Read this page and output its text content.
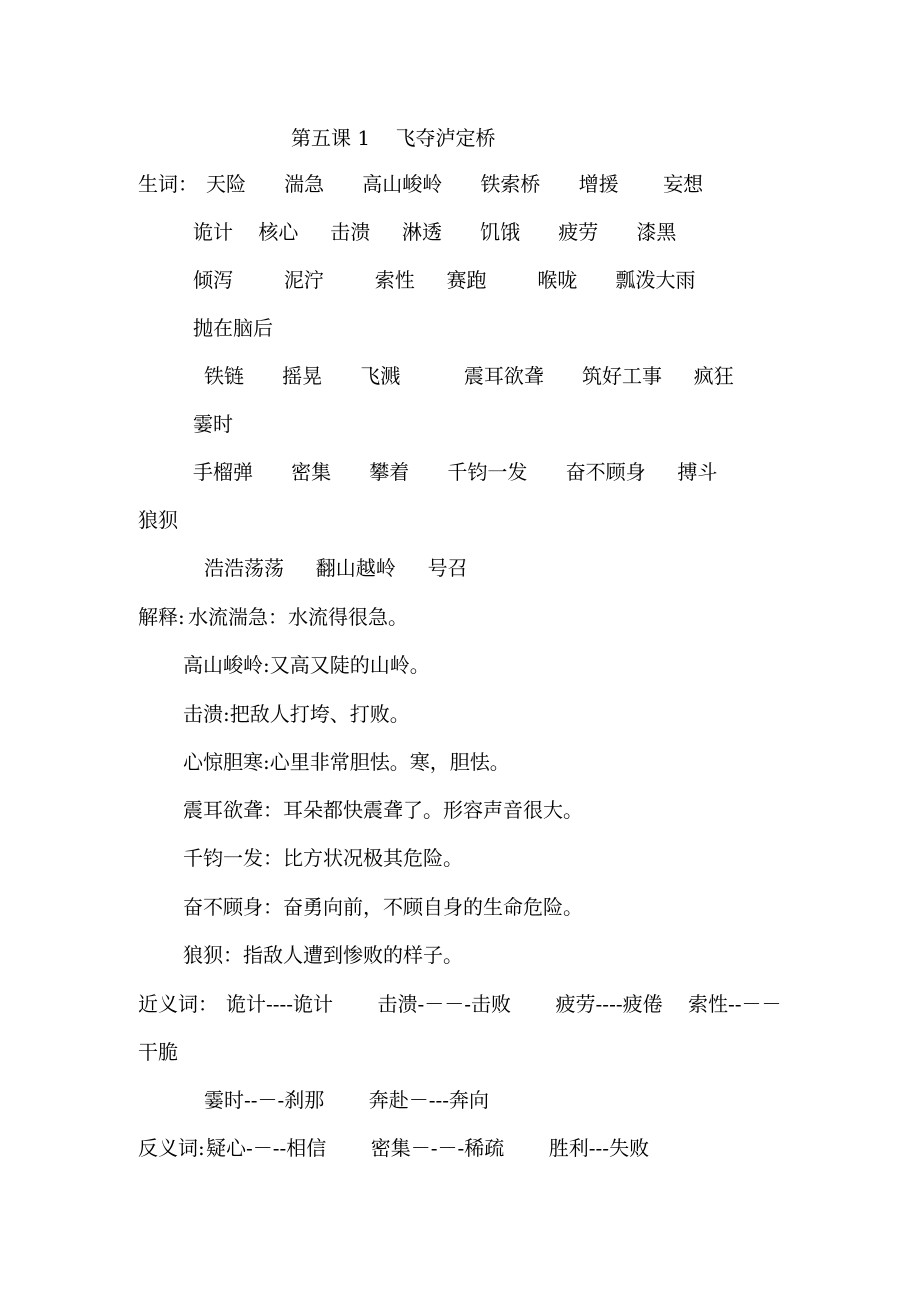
第五课 1    飞夺泸定桥
生词： 天险      湍急      高山峻岭      铁索桥      增援       妄想
诡计    核心     击溃     淋透      饥饿      疲劳      漆黑
倾泻        泥泞        索性     赛跑        喉咙      瓢泼大雨
抛在脑后
铁链      摇晃      飞溅          震耳欲聋      筑好工事     疯狂
霎时
手榴弹      密集      攀着      千钧一发      奋不顾身     搏斗
狼狈
浩浩荡荡     翻山越岭     号召
解释: 水流湍急：水流得很急。
高山峻岭:又高又陡的山岭。
击溃:把敌人打垮、打败。
心惊胆寒:心里非常胆怯。寒，胆怯。
震耳欲聋：耳朵都快震聋了。形容声音很大。
千钧一发：比方状况极其危险。
奋不顾身：奋勇向前，不顾自身的生命危险。
狼狈：指敌人遭到惨败的样子。
近义词： 诡计----诡计       击溃-－－-击败       疲劳----疲倦    索性--－－
干脆
霎时--－-刹那       奔赴－---奔向
反义词: 疑心-－--相信       密集－-－-稀疏       胜利---失败
